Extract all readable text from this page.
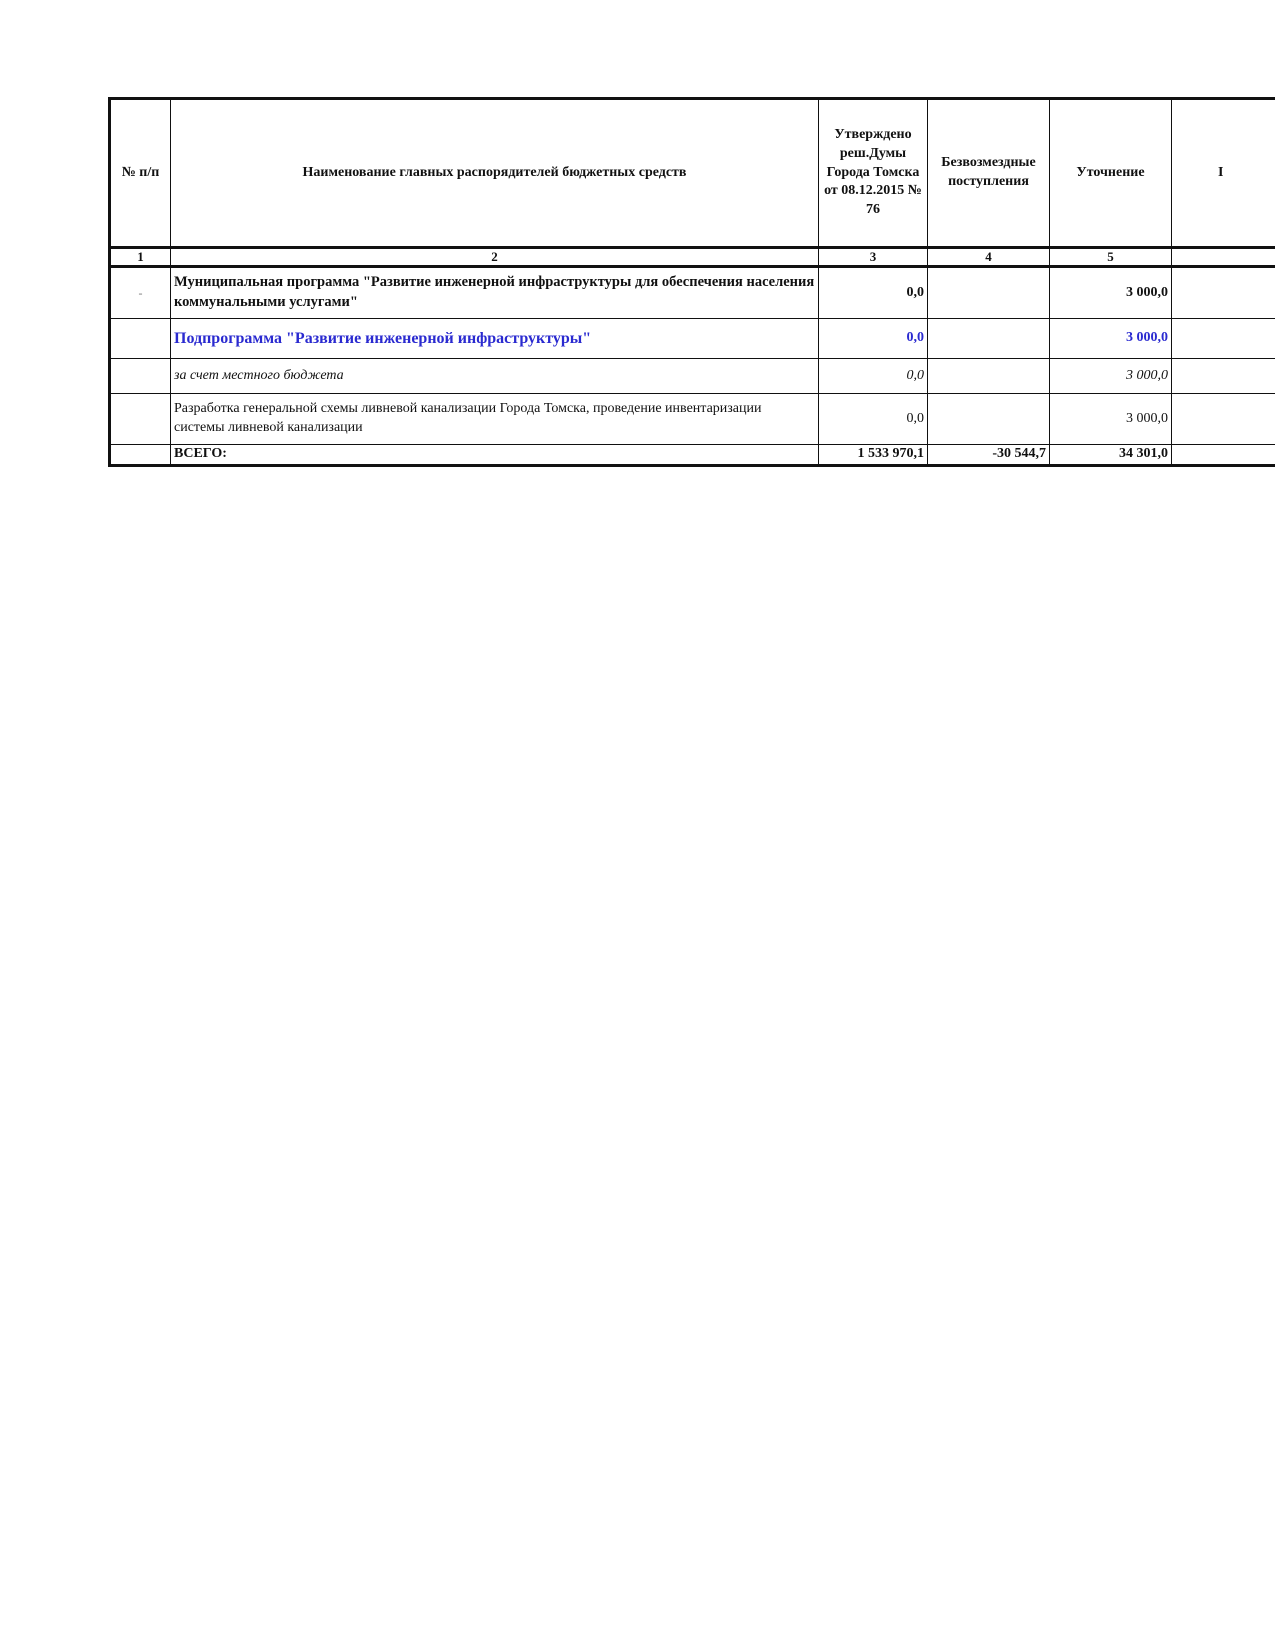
№ п/п	Наименование главных распорядителей бюджетных средств	Утверждено реш.Думы Города Томска от 08.12.2015 № 76	Безвозмездные поступления	Уточнение	I
1	2	3	4	5	
-	Муниципальная программа "Развитие инженерной инфраструктуры для обеспечения населения коммунальными услугами"	0,0		3 000,0	
	Подпрограмма "Развитие инженерной инфраструктуры"	0,0		3 000,0	
	за счет местного бюджета	0,0		3 000,0	
	Разработка генеральной схемы ливневой канализации Города Томска, проведение инвентаризации системы ливневой канализации	0,0		3 000,0	
	ВСЕГО:	1 533 970,1	-30 544,7	34 301,0	
